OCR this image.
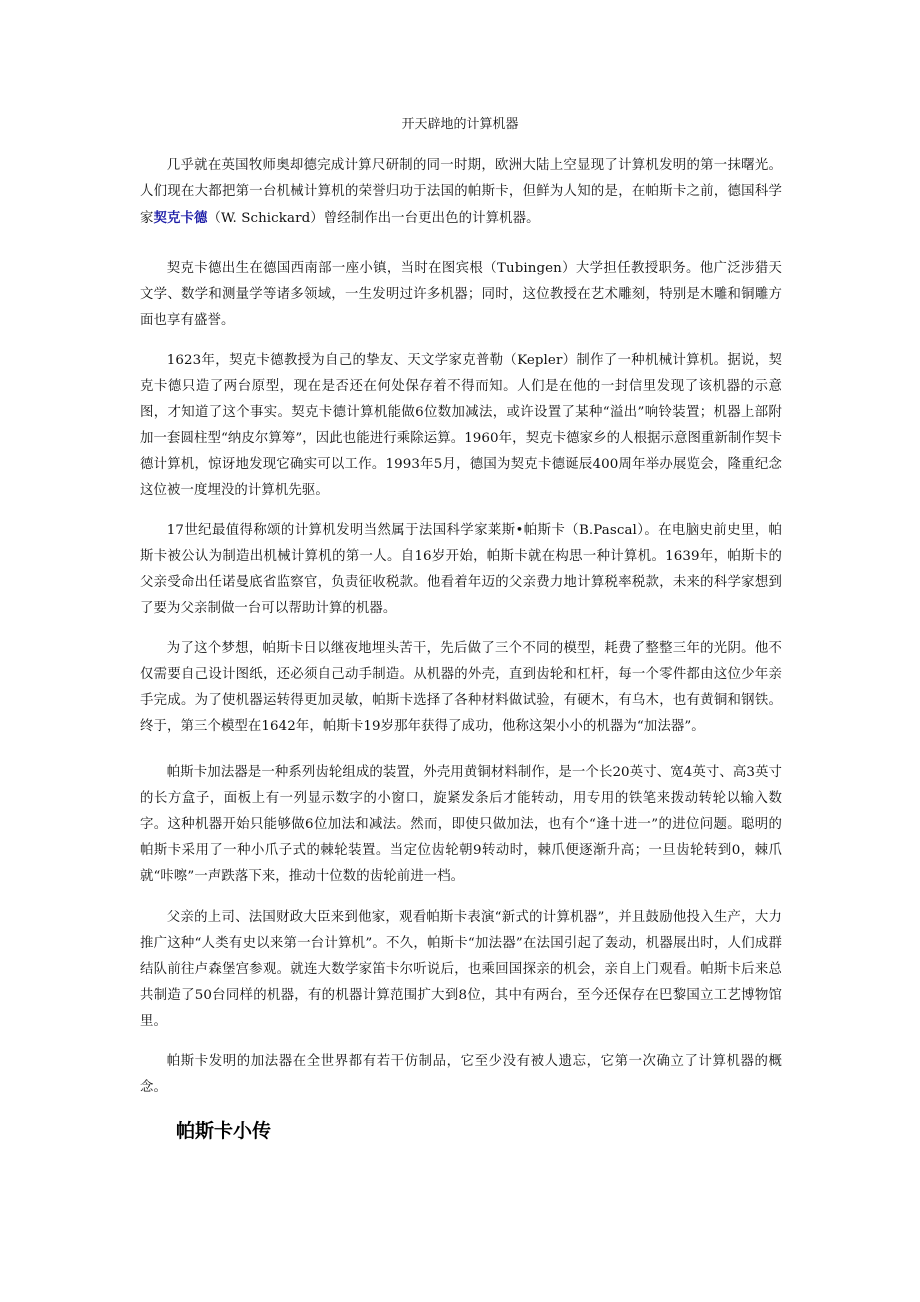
开天辟地的计算机器

几乎就在英国牧师奥却德完成计算尺研制的同一时期，欧洲大陆上空显现了计算机发明的第一抹曙光。人们现在大都把第一台机械计算机的荣誉归功于法国的帕斯卡，但鲜为人知的是，在帕斯卡之前，德国科学家契克卡德（W. Schickard）曾经制作出一台更出色的计算机器。

契克卡德出生在德国西南部一座小镇，当时在图宾根（Tubingen）大学担任教授职务。他广泛涉猎天文学、数学和测量学等诸多领域，一生发明过许多机器；同时，这位教授在艺术雕刻，特别是木雕和铜雕方面也享有盛誉。

1623年，契克卡德教授为自己的挚友、天文学家克普勒（Kepler）制作了一种机械计算机。据说，契克卡德只造了两台原型，现在是否还在何处保存着不得而知。人们是在他的一封信里发现了该机器的示意图，才知道了这个事实。契克卡德计算机能做6位数加减法，或许设置了某种“溢出”响铃装置；机器上部附加一套圆柱型“纳皮尔算筹”，因此也能进行乘除运算。1960年，契克卡德家乡的人根据示意图重新制作契卡德计算机，惊讶地发现它确实可以工作。1993年5月，德国为契克卡德诞辰400周年举办展览会，隆重纪念这位被一度埋没的计算机先驱。

17世纪最值得称颂的计算机发明当然属于法国科学家莱斯•帕斯卡（B.Pascal）。在电脑史前史里，帕斯卡被公认为制造出机械计算机的第一人。自16岁开始，帕斯卡就在构思一种计算机。1639年，帕斯卡的父亲受命出任诺曼底省监察官，负责征收税款。他看着年迈的父亲费力地计算税率税款，未来的科学家想到了要为父亲制做一台可以帮助计算的机器。

为了这个梦想，帕斯卡日以继夜地埋头苦干，先后做了三个不同的模型，耗费了整整三年的光阴。他不仅需要自己设计图纸，还必须自己动手制造。从机器的外壳，直到齿轮和杠杆，每一个零件都由这位少年亲手完成。为了使机器运转得更加灵敏，帕斯卡选择了各种材料做试验，有硬木，有乌木，也有黄铜和钢铁。终于，第三个模型在1642年，帕斯卡19岁那年获得了成功，他称这架小小的机器为“加法器”。

帕斯卡加法器是一种系列齿轮组成的装置，外壳用黄铜材料制作，是一个长20英寸、宽4英寸、高3英寸的长方盒子，面板上有一列显示数字的小窗口，旋紧发条后才能转动，用专用的铁笔来拨动转轮以输入数字。这种机器开始只能够做6位加法和减法。然而，即使只做加法，也有个“逢十进一”的进位问题。聪明的帕斯卡采用了一种小爪子式的棘轮装置。当定位齿轮朝9转动时，棘爪便逐渐升高；一旦齿轮转到0，棘爪就“咔嚓”一声跌落下来，推动十位数的齿轮前进一档。

父亲的上司、法国财政大臣来到他家，观看帕斯卡表演“新式的计算机器”，并且鼓励他投入生产，大力推广这种“人类有史以来第一台计算机”。不久，帕斯卡“加法器”在法国引起了轰动，机器展出时，人们成群结队前往卢森堡宫参观。就连大数学家笛卡尔听说后，也乘回国探亲的机会，亲自上门观看。帕斯卡后来总共制造了50台同样的机器，有的机器计算范围扩大到8位，其中有两台，至今还保存在巴黎国立工艺博物馆里。

帕斯卡发明的加法器在全世界都有若干仿制品，它至少没有被人遗忘，它第一次确立了计算机器的概念。

帕斯卡小传
